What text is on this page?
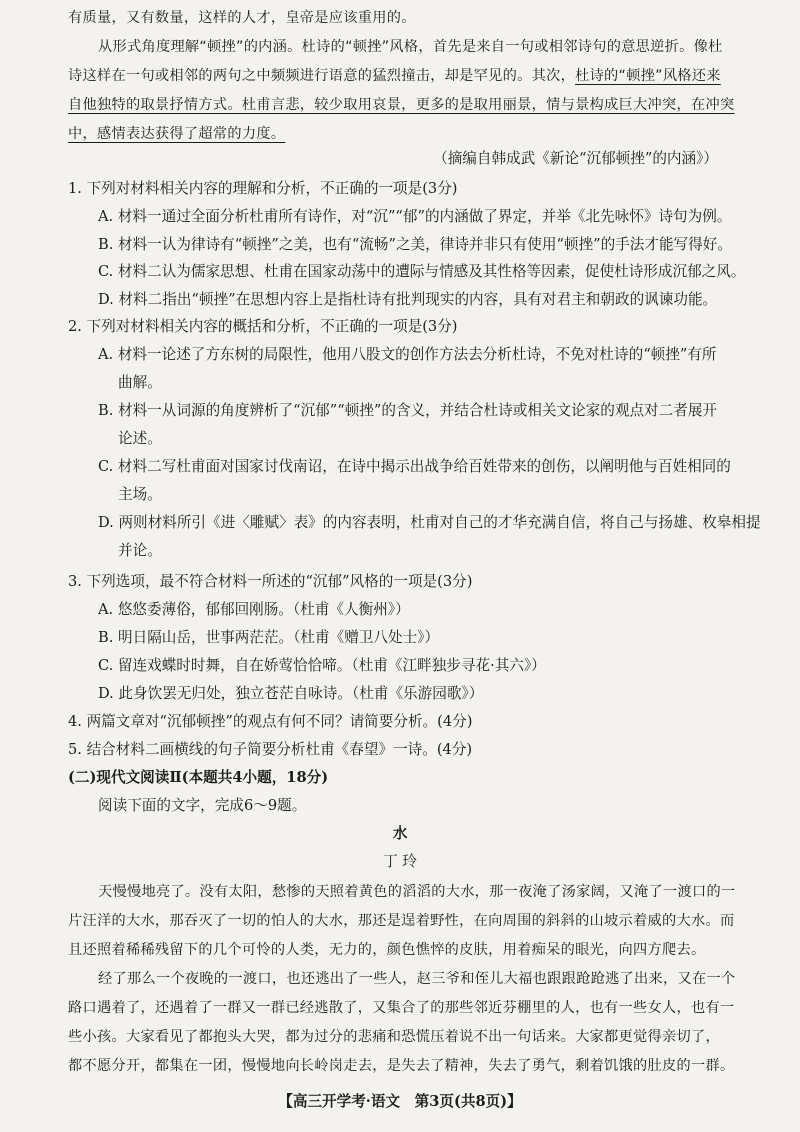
有质量，又有数量，这样的人才，皇帝是应该重用的。
从形式角度理解“顿挫”的内涵。杜诗的“顿挫”风格，首先是来自一句或相邻诗句的意思逆折。像杜
诗这样在一句或相邻的两句之中频频进行语意的猛烈撞击，却是罕见的。其次，杜诗的“顿挫”风格还来
自他独特的取景抒情方式。杜甫言悲，较少取用哀景，更多的是取用丽景，情与景构成巨大冲突，在冲突
中，感情表达获得了超常的力度。
（摘编自韩成武《新论“沉郁顿挫”的内涵》）
1. 下列对材料相关内容的理解和分析，不正确的一项是(3分)
A. 材料一通过全面分析杜甫所有诗作，对“沉”“郁”的内涵做了界定，并举《北先咏怀》诗句为例。
B. 材料一认为律诗有“顿挫”之美，也有“流畅”之美，律诗并非只有使用“顿挫”的手法才能写得好。
C. 材料二认为儒家思想、杜甫在国家动荡中的遭际与情感及其性格等因素，促使杜诗形成沉郁之风。
D. 材料二指出“顿挫”在思想内容上是指杜诗有批判现实的内容，具有对君主和朝政的讽谏功能。
2. 下列对材料相关内容的概括和分析，不正确的一项是(3分)
A. 材料一论述了方东树的局限性，他用八股文的创作方法去分析杜诗，不免对杜诗的“顿挫”有所
曲解。
B. 材料一从词源的角度辨析了“沉郁”“顿挫”的含义，并结合杜诗或相关文论家的观点对二者展开
论述。
C. 材料二写杜甫面对国家讨伐南诏，在诗中揭示出战争给百姓带来的创伤，以阐明他与百姓相同的
主场。
D. 两则材料所引《进〈雕赋〉表》的内容表明，杜甫对自己的才华充满自信，将自己与扬雄、枚皋相提
并论。
3. 下列选项，最不符合材料一所述的“沉郁”风格的一项是(3分)
A. 悠悠委薄俗，郁郁回刚肠。（杜甫《人衡州》）
B. 明日隔山岳，世事两茫茫。（杜甫《赠卫八处士》）
C. 留连戏蝶时时舞，自在娇莺恰恰啼。（杜甫《江畔独步寻花·其六》）
D. 此身饮罢无归处，独立苍茫自咏诗。（杜甫《乐游园歌》）
4. 两篇文章对“沉郁顿挫”的观点有何不同？请简要分析。(4分)
5. 结合材料二画横线的句子简要分析杜甫《春望》一诗。(4分)
(二)现代文阅读Ⅱ(本题共4小题，18分)
阅读下面的文字，完成6～9题。
水
丁 玲
天慢慢地亮了。没有太阳，愁惨的天照着黄色的滔滔的大水，那一夜淹了汤家阔，又淹了一渡口的一
片汪洋的大水，那吞灭了一切的怕人的大水，那还是逞着野性，在向周围的斜斜的山坡示着威的大水。而
且还照着稀稀残留下的几个可怜的人类，无力的，颜色憔悴的皮肤，用着痴呆的眼光，向四方爬去。
经了那么一个夜晚的一渡口，也还逃出了一些人，赵三爷和侄儿大福也跟跟跄跄逃了出来，又在一个
路口遇着了，还遇着了一群又一群已经逃散了，又集合了的那些邻近芬棚里的人，也有一些女人，也有一
些小孩。大家看见了都抱头大哭，都为过分的悲痛和恐慌压着说不出一句话来。大家都更觉得亲切了，
都不愿分开，都集在一团，慢慢地向长岭岗走去，是失去了精神，失去了勇气，剩着饥饿的肚皮的一群。
【高三开学考·语文　第3页(共8页)】
